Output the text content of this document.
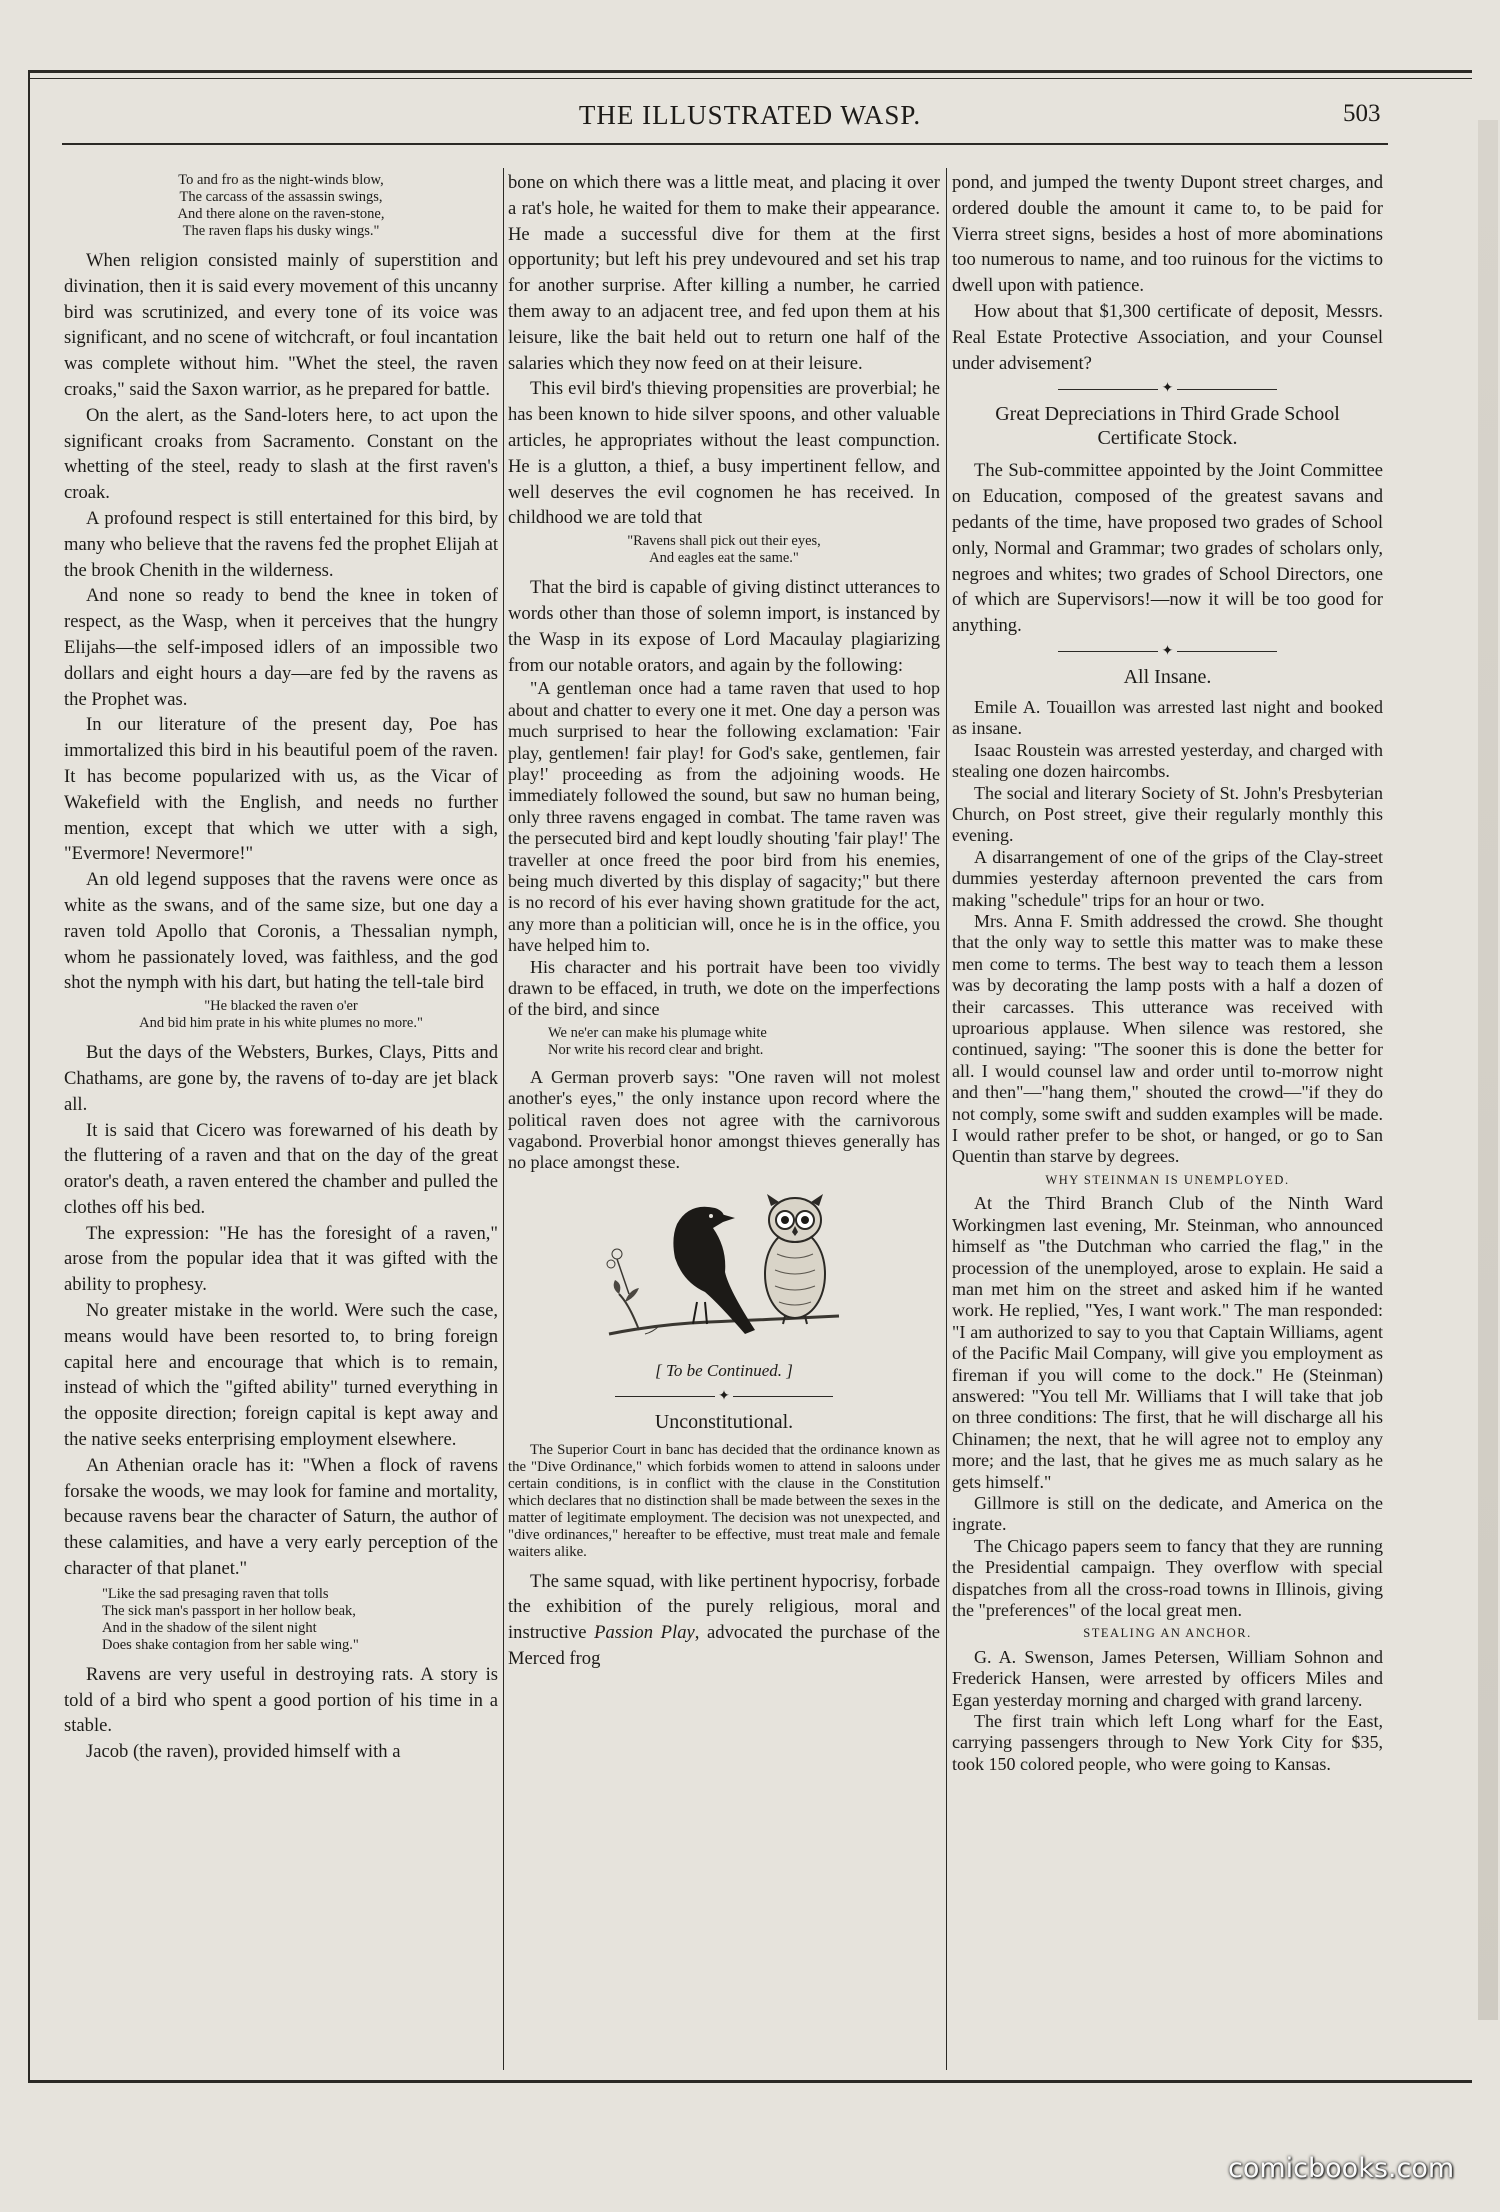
THE ILLUSTRATED WASP.	503
To and fro as the night-winds blow,
The carcass of the assassin swings,
And there alone on the raven-stone,
The raven flaps his dusky wings."

When religion consisted mainly of superstition and divination, then it is said every movement of this uncanny bird was scrutinized, and every tone of its voice was significant, and no scene of witchcraft, or foul incantation was complete without him. "Whet the steel, the raven croaks," said the Saxon warrior, as he prepared for battle.

On the alert, as the Sand-loters here, to act upon the significant croaks from Sacramento. Constant on the whetting of the steel, ready to slash at the first raven's croak.

A profound respect is still entertained for this bird, by many who believe that the ravens fed the prophet Elijah at the brook Chenith in the wilderness.

And none so ready to bend the knee in token of respect, as the Wasp, when it perceives that the hungry Elijahs—the self-imposed idlers of an impossible two dollars and eight hours a day—are fed by the ravens as the Prophet was.

In our literature of the present day, Poe has immortalized this bird in his beautiful poem of the raven. It has become popularized with us, as the Vicar of Wakefield with the English, and needs no further mention, except that which we utter with a sigh, "Evermore! Nevermore!"

An old legend supposes that the ravens were once as white as the swans, and of the same size, but one day a raven told Apollo that Coronis, a Thessalian nymph, whom he passionately loved, was faithless, and the god shot the nymph with his dart, but hating the tell-tale bird

"He blacked the raven o'er
And bid him prate in his white plumes no more."

But the days of the Websters, Burkes, Clays, Pitts and Chathams, are gone by, the ravens of to-day are jet black all.

It is said that Cicero was forewarned of his death by the fluttering of a raven and that on the day of the great orator's death, a raven entered the chamber and pulled the clothes off his bed.

The expression: "He has the foresight of a raven," arose from the popular idea that it was gifted with the ability to prophesy.

No greater mistake in the world. Were such the case, means would have been resorted to, to bring foreign capital here and encourage that which is to remain, instead of which the "gifted ability" turned everything in the opposite direction; foreign capital is kept away and the native seeks enterprising employment elsewhere.

An Athenian oracle has it: "When a flock of ravens forsake the woods, we may look for famine and mortality, because ravens bear the character of Saturn, the author of these calamities, and have a very early perception of the character of that planet."

"Like the sad presaging raven that tolls
The sick man's passport in her hollow beak,
And in the shadow of the silent night
Does shake contagion from her sable wing."

Ravens are very useful in destroying rats. A story is told of a bird who spent a good portion of his time in a stable.

Jacob (the raven), provided himself with a

bone on which there was a little meat, and placing it over a rat's hole, he waited for them to make their appearance. He made a successful dive for them at the first opportunity; but left his prey undevoured and set his trap for another surprise. After killing a number, he carried them away to an adjacent tree, and fed upon them at his leisure, like the bait held out to return one half of the salaries which they now feed on at their leisure.

This evil bird's thieving propensities are proverbial; he has been known to hide silver spoons, and other valuable articles, he appropriates without the least compunction. He is a glutton, a thief, a busy impertinent fellow, and well deserves the evil cognomen he has received. In childhood we are told that

"Ravens shall pick out their eyes,
And eagles eat the same."

That the bird is capable of giving distinct utterances to words other than those of solemn import, is instanced by the Wasp in its expose of Lord Macaulay plagiarizing from our notable orators, and again by the following:

"A gentleman once had a tame raven that used to hop about and chatter to every one it met. One day a person was much surprised to hear the following exclamation: 'Fair play, gentlemen! fair play! for God's sake, gentlemen, fair play!' proceeding as from the adjoining woods. He immediately followed the sound, but saw no human being, only three ravens engaged in combat. The tame raven was the persecuted bird and kept loudly shouting 'fair play!' The traveller at once freed the poor bird from his enemies, being much diverted by this display of sagacity;" but there is no record of his ever having shown gratitude for the act, any more than a politician will, once he is in the office, you have helped him to.

His character and his portrait have been too vividly drawn to be effaced, in truth, we dote on the imperfections of the bird, and since

We ne'er can make his plumage white
Nor write his record clear and bright.

A German proverb says: "One raven will not molest another's eyes," the only instance upon record where the political raven does not agree with the carnivorous vagabond. Proverbial honor amongst thieves generally has no place amongst these.

[ To be Continued. ]

✦
Unconstitutional.

The Superior Court in banc has decided that the ordinance known as the "Dive Ordinance," which forbids women to attend in saloons under certain conditions, is in conflict with the clause in the Constitution which declares that no distinction shall be made between the sexes in the matter of legitimate employment. The decision was not unexpected, and "dive ordinances," hereafter to be effective, must treat male and female waiters alike.

The same squad, with like pertinent hypocrisy, forbade the exhibition of the purely religious, moral and instructive Passion Play, advocated the purchase of the Merced frog

pond, and jumped the twenty Dupont street charges, and ordered double the amount it came to, to be paid for Vierra street signs, besides a host of more abominations too numerous to name, and too ruinous for the victims to dwell upon with patience.

How about that $1,300 certificate of deposit, Messrs. Real Estate Protective Association, and your Counsel under advisement?

✦
Great Depreciations in Third Grade School Certificate Stock.

The Sub-committee appointed by the Joint Committee on Education, composed of the greatest savans and pedants of the time, have proposed two grades of School only, Normal and Grammar; two grades of scholars only, negroes and whites; two grades of School Directors, one of which are Supervisors!—now it will be too good for anything.

✦
All Insane.

Emile A. Touaillon was arrested last night and booked as insane.

Isaac Roustein was arrested yesterday, and charged with stealing one dozen haircombs.

The social and literary Society of St. John's Presbyterian Church, on Post street, give their regularly monthly this evening.

A disarrangement of one of the grips of the Clay-street dummies yesterday afternoon prevented the cars from making "schedule" trips for an hour or two.

Mrs. Anna F. Smith addressed the crowd. She thought that the only way to settle this matter was to make these men come to terms. The best way to teach them a lesson was by decorating the lamp posts with a half a dozen of their carcasses. This utterance was received with uproarious applause. When silence was restored, she continued, saying: "The sooner this is done the better for all. I would counsel law and order until to-morrow night and then"—"hang them," shouted the crowd—"if they do not comply, some swift and sudden examples will be made. I would rather prefer to be shot, or hanged, or go to San Quentin than starve by degrees.

WHY STEINMAN IS UNEMPLOYED.

At the Third Branch Club of the Ninth Ward Workingmen last evening, Mr. Steinman, who announced himself as "the Dutchman who carried the flag," in the procession of the unemployed, arose to explain. He said a man met him on the street and asked him if he wanted work. He replied, "Yes, I want work." The man responded: "I am authorized to say to you that Captain Williams, agent of the Pacific Mail Company, will give you employment as fireman if you will come to the dock." He (Steinman) answered: "You tell Mr. Williams that I will take that job on three conditions: The first, that he will discharge all his Chinamen; the next, that he will agree not to employ any more; and the last, that he gives me as much salary as he gets himself."

Gillmore is still on the dedicate, and America on the ingrate.

The Chicago papers seem to fancy that they are running the Presidential campaign. They overflow with special dispatches from all the cross-road towns in Illinois, giving the "preferences" of the local great men.

STEALING AN ANCHOR.

G. A. Swenson, James Petersen, William Sohnon and Frederick Hansen, were arrested by officers Miles and Egan yesterday morning and charged with grand larceny.

The first train which left Long wharf for the East, carrying passengers through to New York City for $35, took 150 colored people, who were going to Kansas.

comicbooks.com
